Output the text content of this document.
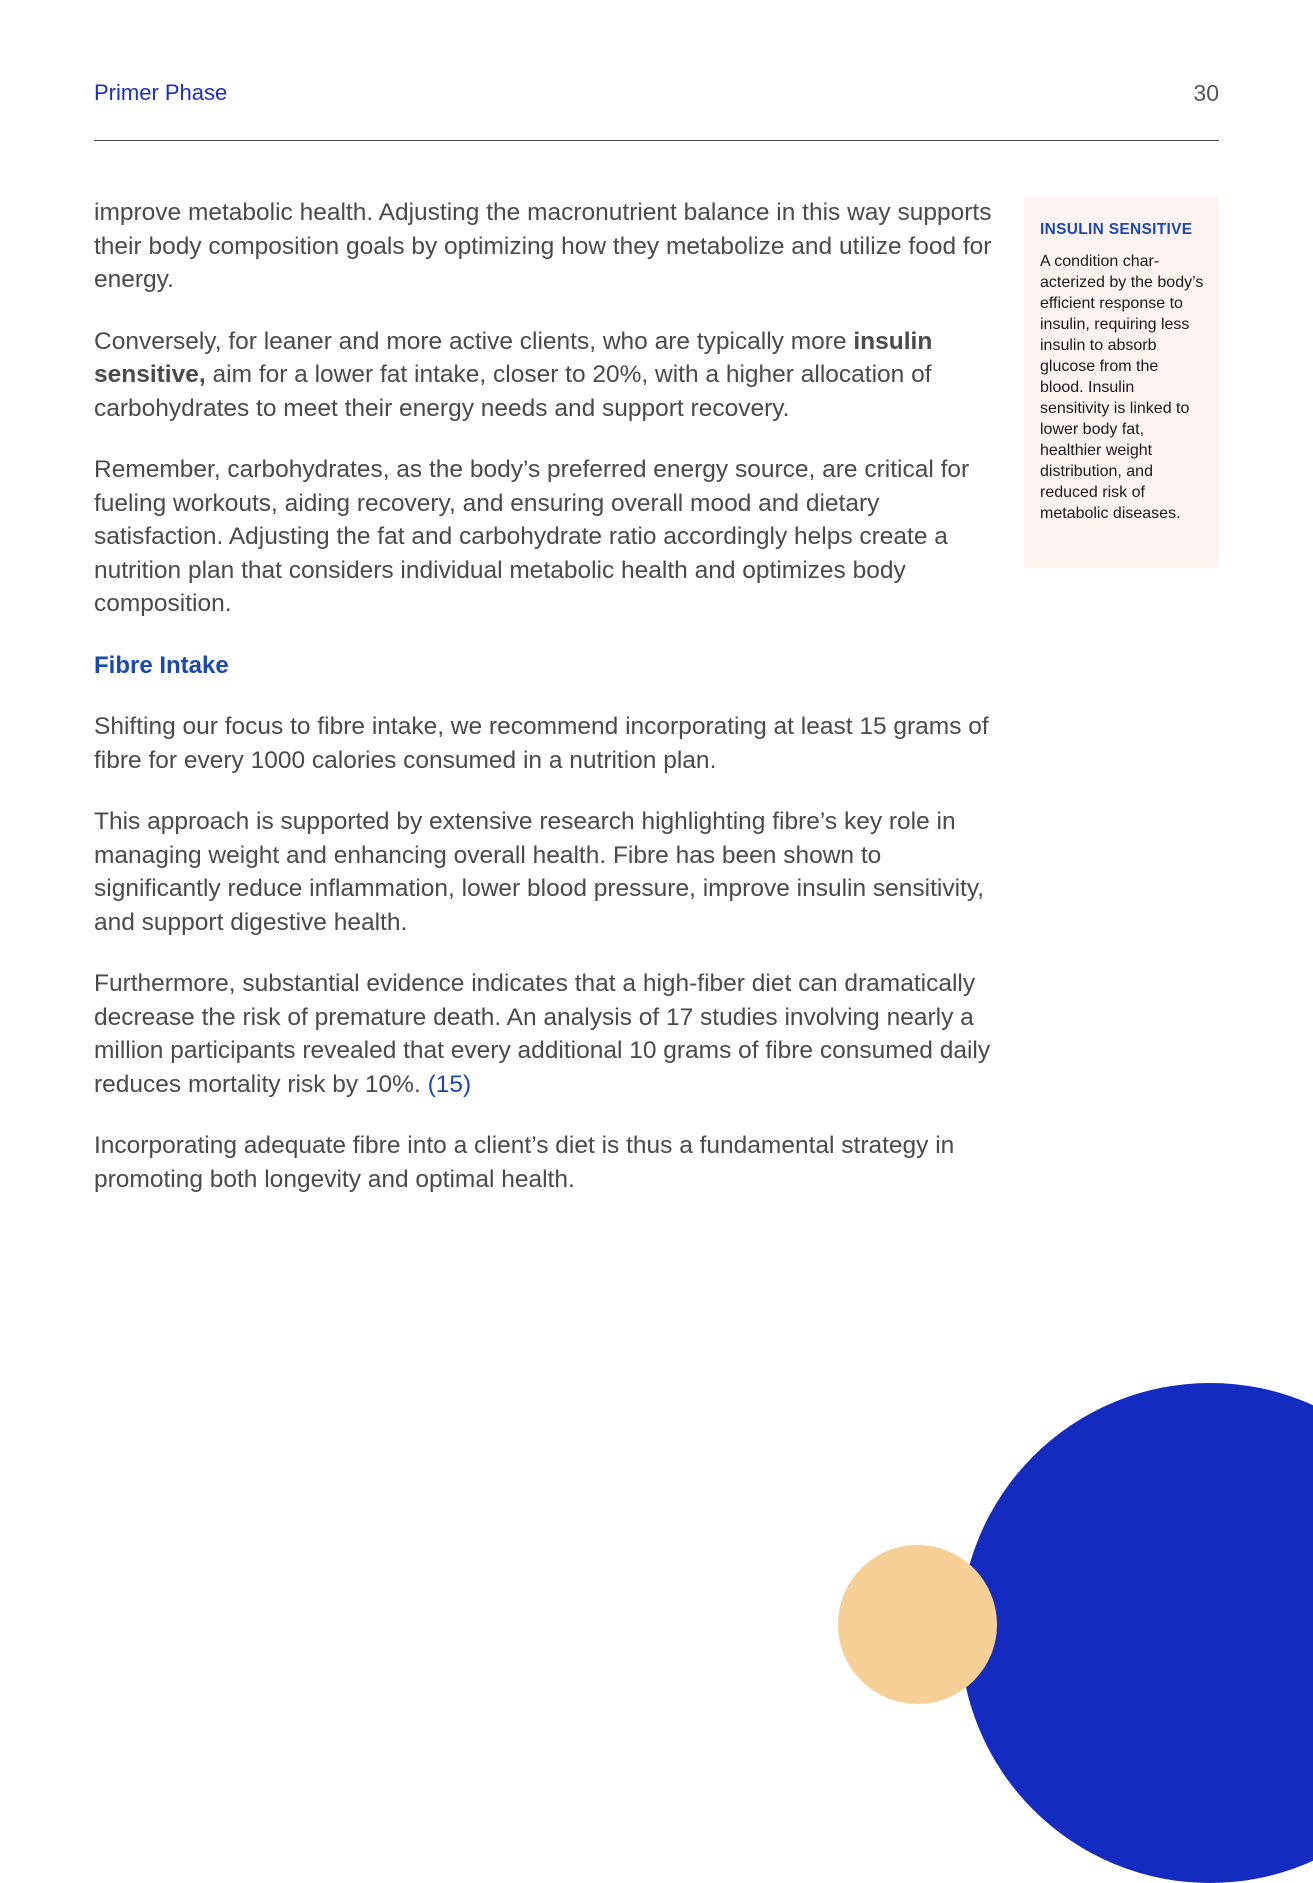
Primer Phase	30

improve metabolic health. Adjusting the macronutrient balance in this way supports their body composition goals by optimizing how they metabolize and utilize food for energy.

Conversely, for leaner and more active clients, who are typically more insulin sensitive, aim for a lower fat intake, closer to 20%, with a higher allocation of carbohydrates to meet their energy needs and support recovery.

Remember, carbohydrates, as the body’s preferred energy source, are critical for fueling workouts, aiding recovery, and ensuring overall mood and dietary satisfaction. Adjusting the fat and carbohydrate ratio accordingly helps create a nutrition plan that considers individual metabolic health and optimizes body composition.

Fibre Intake

Shifting our focus to fibre intake, we recommend incorporating at least 15 grams of fibre for every 1000 calories consumed in a nutrition plan.

This approach is supported by extensive research highlighting fibre’s key role in managing weight and enhancing overall health. Fibre has been shown to significantly reduce inflammation, lower blood pressure, improve insulin sensitivity, and support digestive health.

Furthermore, substantial evidence indicates that a high-fiber diet can dramatically decrease the risk of premature death. An analysis of 17 studies involving nearly a million participants revealed that every additional 10 grams of fibre consumed daily reduces mortality risk by 10%. (15)

Incorporating adequate fibre into a client’s diet is thus a fundamental strategy in promoting both longevity and optimal health.

INSULIN SENSITIVE
A condition char-acterized by the body’s efficient response to insulin, requiring less insulin to absorb glucose from the blood. Insulin sensitivity is linked to lower body fat, healthier weight distribution, and reduced risk of metabolic diseases.
